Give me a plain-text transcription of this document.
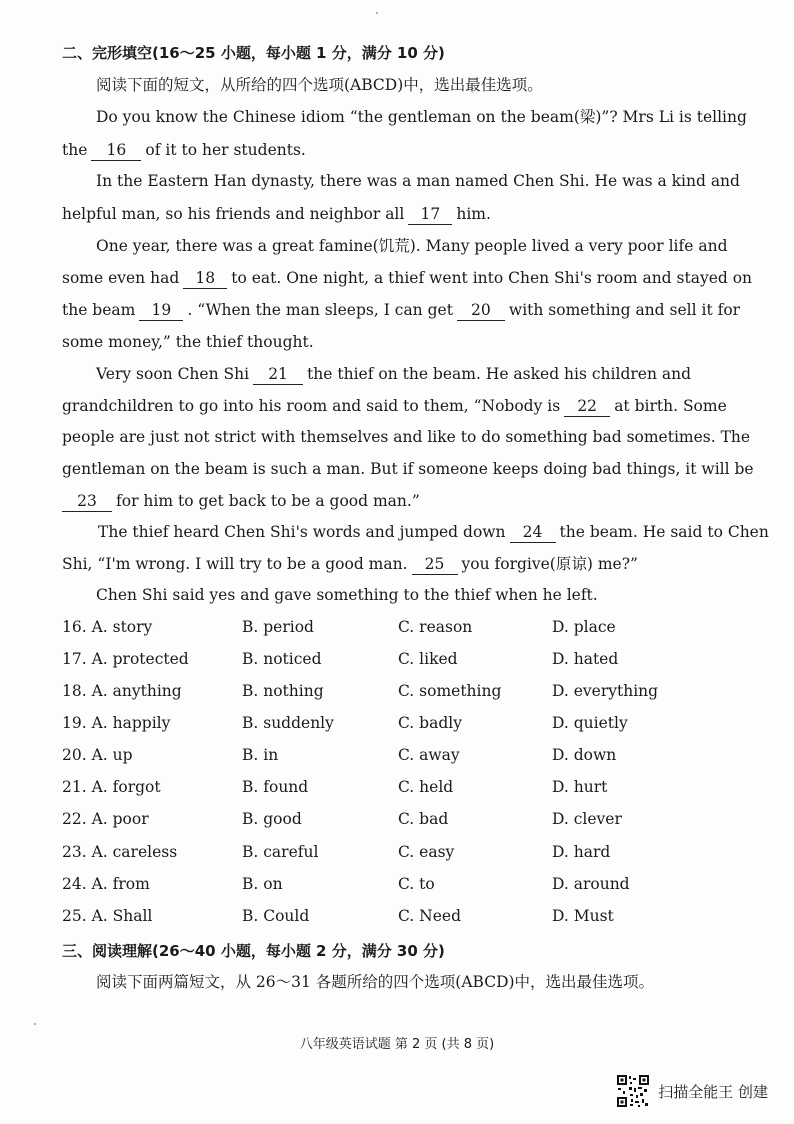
二、完形填空(16～25 小题，每小题 1 分，满分 10 分)
阅读下面的短文，从所给的四个选项(ABCD)中，选出最佳选项。
Do you know the Chinese idiom “the gentleman on the beam(梁)”? Mrs Li is telling
the 16 of it to her students.
In the Eastern Han dynasty, there was a man named Chen Shi. He was a kind and
helpful man, so his friends and neighbor all 17 him.
One year, there was a great famine(饥荒). Many people lived a very poor life and
some even had 18 to eat. One night, a thief went into Chen Shi's room and stayed on
the beam 19 . “When the man sleeps, I can get 20 with something and sell it for
some money,” the thief thought.
Very soon Chen Shi 21 the thief on the beam. He asked his children and
grandchildren to go into his room and said to them, “Nobody is 22 at birth. Some
people are just not strict with themselves and like to do something bad sometimes. The
gentleman on the beam is such a man. But if someone keeps doing bad things, it will be
23 for him to get back to be a good man.”
The thief heard Chen Shi's words and jumped down 24 the beam. He said to Chen
Shi, “I'm wrong. I will try to be a good man. 25 you forgive(原谅) me?”
Chen Shi said yes and gave something to the thief when he left.
16. A. story	B. period	C. reason	D. place
17. A. protected	B. noticed	C. liked	D. hated
18. A. anything	B. nothing	C. something	D. everything
19. A. happily	B. suddenly	C. badly	D. quietly
20. A. up	B. in	C. away	D. down
21. A. forgot	B. found	C. held	D. hurt
22. A. poor	B. good	C. bad	D. clever
23. A. careless	B. careful	C. easy	D. hard
24. A. from	B. on	C. to	D. around
25. A. Shall	B. Could	C. Need	D. Must
三、阅读理解(26～40 小题，每小题 2 分，满分 30 分)
阅读下面两篇短文，从 26～31 各题所给的四个选项(ABCD)中，选出最佳选项。
八年级英语试题 第 2 页 (共 8 页)
扫描全能王 创建
